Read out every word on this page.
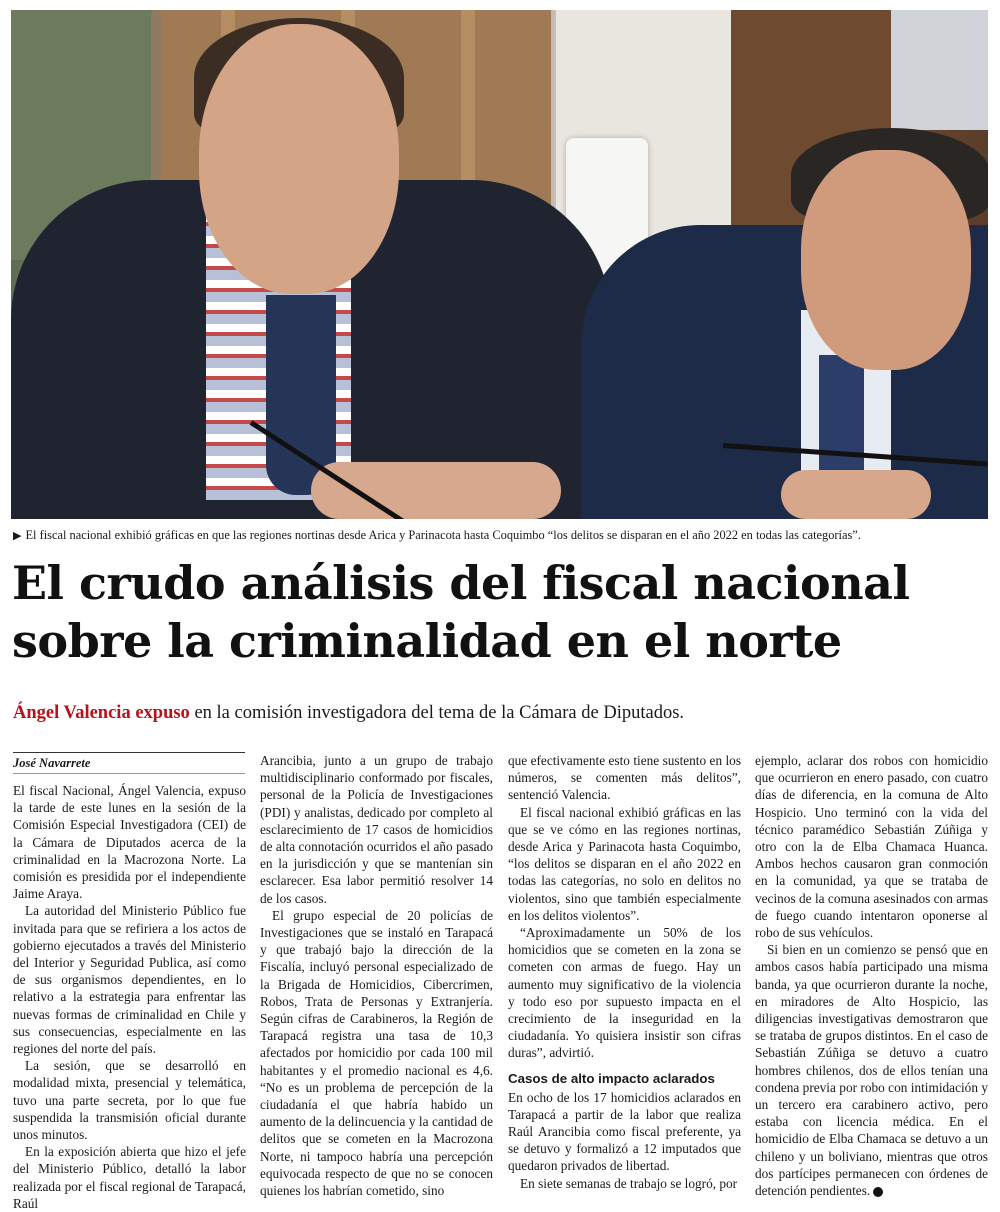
▶ El fiscal nacional exhibió gráficas en que las regiones nortinas desde Arica y Parinacota hasta Coquimbo “los delitos se disparan en el año 2022 en todas las categorías”.
El crudo análisis del fiscal nacional
sobre la criminalidad en el norte
Ángel Valencia expuso en la comisión investigadora del tema de la Cámara de Diputados.
José Navarrete

El fiscal Nacional, Ángel Valencia, expuso la tarde de este lunes en la sesión de la Comisión Especial Investigadora (CEI) de la Cámara de Diputados acerca de la criminalidad en la Macrozona Norte. La comisión es presidida por el independiente Jaime Araya.

La autoridad del Ministerio Público fue invitada para que se refiriera a los actos de gobierno ejecutados a través del Ministerio del Interior y Seguridad Publica, así como de sus organismos dependientes, en lo relativo a la estrategia para enfrentar las nuevas formas de criminalidad en Chile y sus consecuencias, especialmente en las regiones del norte del país.

La sesión, que se desarrolló en modalidad mixta, presencial y telemática, tuvo una parte secreta, por lo que fue suspendida la transmisión oficial durante unos minutos.

En la exposición abierta que hizo el jefe del Ministerio Público, detalló la labor realizada por el fiscal regional de Tarapacá, Raúl

Arancibia, junto a un grupo de trabajo multidisciplinario conformado por fiscales, personal de la Policía de Investigaciones (PDI) y analistas, dedicado por completo al esclarecimiento de 17 casos de homicidios de alta connotación ocurridos el año pasado en la jurisdicción y que se mantenían sin esclarecer. Esa labor permitió resolver 14 de los casos.

El grupo especial de 20 policías de Investigaciones que se instaló en Tarapacá y que trabajó bajo la dirección de la Fiscalía, incluyó personal especializado de la Brigada de Homicidios, Cibercrimen, Robos, Trata de Personas y Extranjería. Según cifras de Carabineros, la Región de Tarapacá registra una tasa de 10,3 afectados por homicidio por cada 100 mil habitantes y el promedio nacional es 4,6. “No es un problema de percepción de la ciudadanía el que habría habido un aumento de la delincuencia y la cantidad de delitos que se cometen en la Macrozona Norte, ni tampoco habría una percepción equivocada respecto de que no se conocen quienes los habrían cometido, sino

que efectivamente esto tiene sustento en los números, se comenten más delitos”, sentenció Valencia.

El fiscal nacional exhibió gráficas en las que se ve cómo en las regiones nortinas, desde Arica y Parinacota hasta Coquimbo, “los delitos se disparan en el año 2022 en todas las categorías, no solo en delitos no violentos, sino que también especialmente en los delitos violentos”.

“Aproximadamente un 50% de los homicidios que se cometen en la zona se cometen con armas de fuego. Hay un aumento muy significativo de la violencia y todo eso por supuesto impacta en el crecimiento de la inseguridad en la ciudadanía. Yo quisiera insistir son cifras duras”, advirtió.

Casos de alto impacto aclarados

En ocho de los 17 homicidios aclarados en Tarapacá a partir de la labor que realiza Raúl Arancibia como fiscal preferente, ya se detuvo y formalizó a 12 imputados que quedaron privados de libertad.

En siete semanas de trabajo se logró, por

ejemplo, aclarar dos robos con homicidio que ocurrieron en enero pasado, con cuatro días de diferencia, en la comuna de Alto Hospicio. Uno terminó con la vida del técnico paramédico Sebastián Zúñiga y otro con la de Elba Chamaca Huanca. Ambos hechos causaron gran conmoción en la comunidad, ya que se trataba de vecinos de la comuna asesinados con armas de fuego cuando intentaron oponerse al robo de sus vehículos.

Si bien en un comienzo se pensó que en ambos casos había participado una misma banda, ya que ocurrieron durante la noche, en miradores de Alto Hospicio, las diligencias investigativas demostraron que se trataba de grupos distintos. En el caso de Sebastián Zúñiga se detuvo a cuatro hombres chilenos, dos de ellos tenían una condena previa por robo con intimidación y un tercero era carabinero activo, pero estaba con licencia médica. En el homicidio de Elba Chamaca se detuvo a un chileno y un boliviano, mientras que otros dos partícipes permanecen con órdenes de detención pendientes.
